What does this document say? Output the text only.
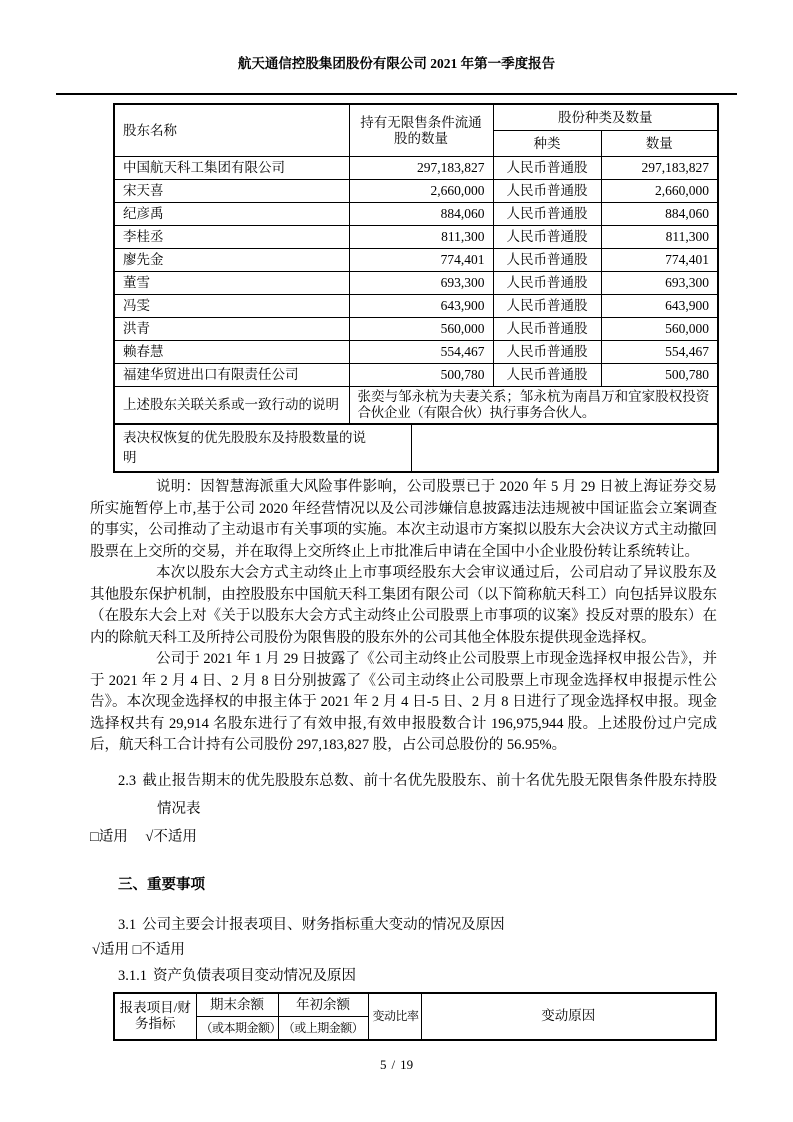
航天通信控股集团股份有限公司 2021 年第一季度报告
股东名称	持有无限售条件流通股的数量	股份种类及数量	
		种类	数量
中国航天科工集团有限公司	297,183,827	人民币普通股	297,183,827
宋天喜	2,660,000	人民币普通股	2,660,000
纪彦禹	884,060	人民币普通股	884,060
李桂丞	811,300	人民币普通股	811,300
廖先金	774,401	人民币普通股	774,401
董雪	693,300	人民币普通股	693,300
冯雯	643,900	人民币普通股	643,900
洪青	560,000	人民币普通股	560,000
赖春慧	554,467	人民币普通股	554,467
福建华贸进出口有限责任公司	500,780	人民币普通股	500,780
上述股东关联关系或一致行动的说明	张奕与邹永杭为夫妻关系；邹永杭为南昌万和宜家股权投资合伙企业（有限合伙）执行事务合伙人。		
表决权恢复的优先股股东及持股数量的说明	

说明：因智慧海派重大风险事件影响，公司股票已于 2020 年 5 月 29 日被上海证券交易所实施暂停上市,基于公司 2020 年经营情况以及公司涉嫌信息披露违法违规被中国证监会立案调查的事实，公司推动了主动退市有关事项的实施。本次主动退市方案拟以股东大会决议方式主动撤回股票在上交所的交易，并在取得上交所终止上市批准后申请在全国中小企业股份转让系统转让。

本次以股东大会方式主动终止上市事项经股东大会审议通过后，公司启动了异议股东及其他股东保护机制，由控股股东中国航天科工集团有限公司（以下简称航天科工）向包括异议股东（在股东大会上对《关于以股东大会方式主动终止公司股票上市事项的议案》投反对票的股东）在内的除航天科工及所持公司股份为限售股的股东外的公司其他全体股东提供现金选择权。

公司于 2021 年 1 月 29 日披露了《公司主动终止公司股票上市现金选择权申报公告》，并于 2021 年 2 月 4 日、2 月 8 日分别披露了《公司主动终止公司股票上市现金选择权申报提示性公告》。本次现金选择权的申报主体于 2021 年 2 月 4 日-5 日、2 月 8 日进行了现金选择权申报。现金选择权共有 29,914 名股东进行了有效申报,有效申报股数合计 196,975,944 股。上述股份过户完成后，航天科工合计持有公司股份 297,183,827 股，占公司总股份的 56.95%。

2.3 截止报告期末的优先股股东总数、前十名优先股股东、前十名优先股无限售条件股东持股情况表
□适用 √不适用
三、重要事项
3.1 公司主要会计报表项目、财务指标重大变动的情况及原因
√适用 □不适用
3.1.1 资产负债表项目变动情况及原因
报表项目/财务指标	期末余额	年初余额	变动比率	变动原因
	（或本期金额）	（或上期金额）		
5 / 19
